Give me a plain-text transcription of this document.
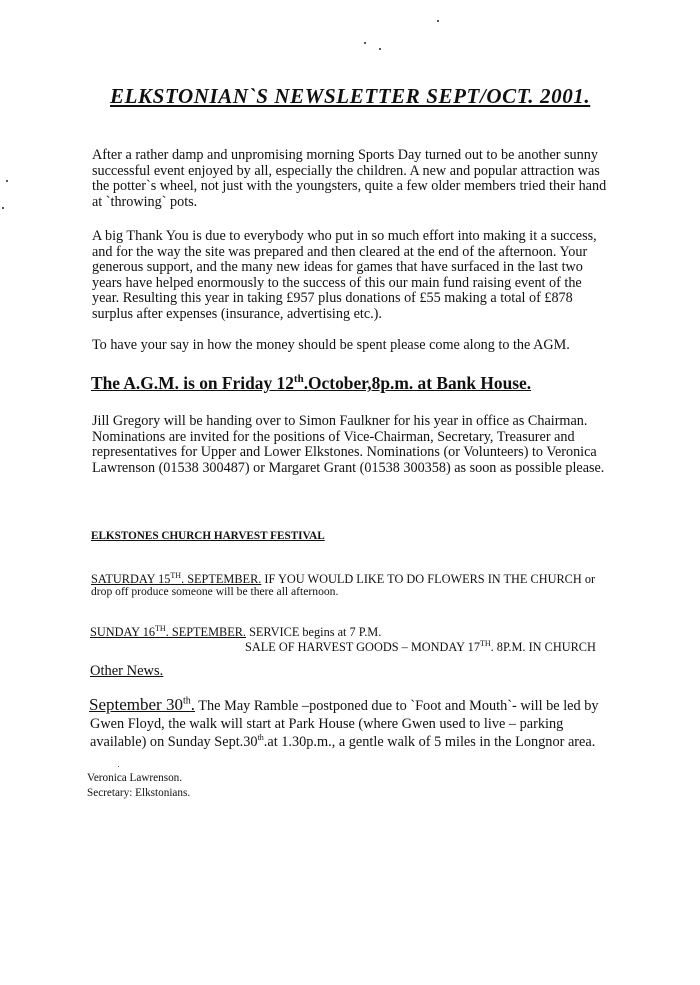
ELKSTONIAN`S NEWSLETTER SEPT/OCT. 2001.

After a rather damp and unpromising morning Sports Day turned out to be another sunny successful event enjoyed by all, especially the children. A new and popular attraction was the potter`s wheel, not just with the youngsters, quite a few older members tried their hand at `throwing` pots.

A big Thank You is due to everybody who put in so much effort into making it a success, and for the way the site was prepared and then cleared at the end of the afternoon. Your generous support, and the many new ideas for games that have surfaced in the last two years have helped enormously to the success of this our main fund raising event of the year. Resulting this year in taking £957 plus donations of £55 making a total of £878 surplus after expenses (insurance, advertising etc.).

To have your say in how the money should be spent please come along to the AGM.

The A.G.M. is on Friday 12th.October,8p.m. at Bank House.

Jill Gregory will be handing over to Simon Faulkner for his year in office as Chairman. Nominations are invited for the positions of Vice-Chairman, Secretary, Treasurer and representatives for Upper and Lower Elkstones. Nominations (or Volunteers) to Veronica Lawrenson (01538 300487) or Margaret Grant (01538 300358) as soon as possible please.

ELKSTONES CHURCH HARVEST FESTIVAL
SATURDAY 15TH. SEPTEMBER. IF YOU WOULD LIKE TO DO FLOWERS IN THE CHURCH or
drop off produce someone will be there all afternoon.
SUNDAY 16TH. SEPTEMBER. SERVICE begins at 7 P.M.
SALE OF HARVEST GOODS – MONDAY 17TH. 8P.M. IN CHURCH
Other News.
September 30th. The May Ramble –postponed due to `Foot and Mouth`- will be led by
Gwen Floyd, the walk will start at Park House (where Gwen used to live – parking
available) on Sunday Sept.30th.at 1.30p.m., a gentle walk of 5 miles in the Longnor area.
Veronica Lawrenson.
Secretary: Elkstonians.
